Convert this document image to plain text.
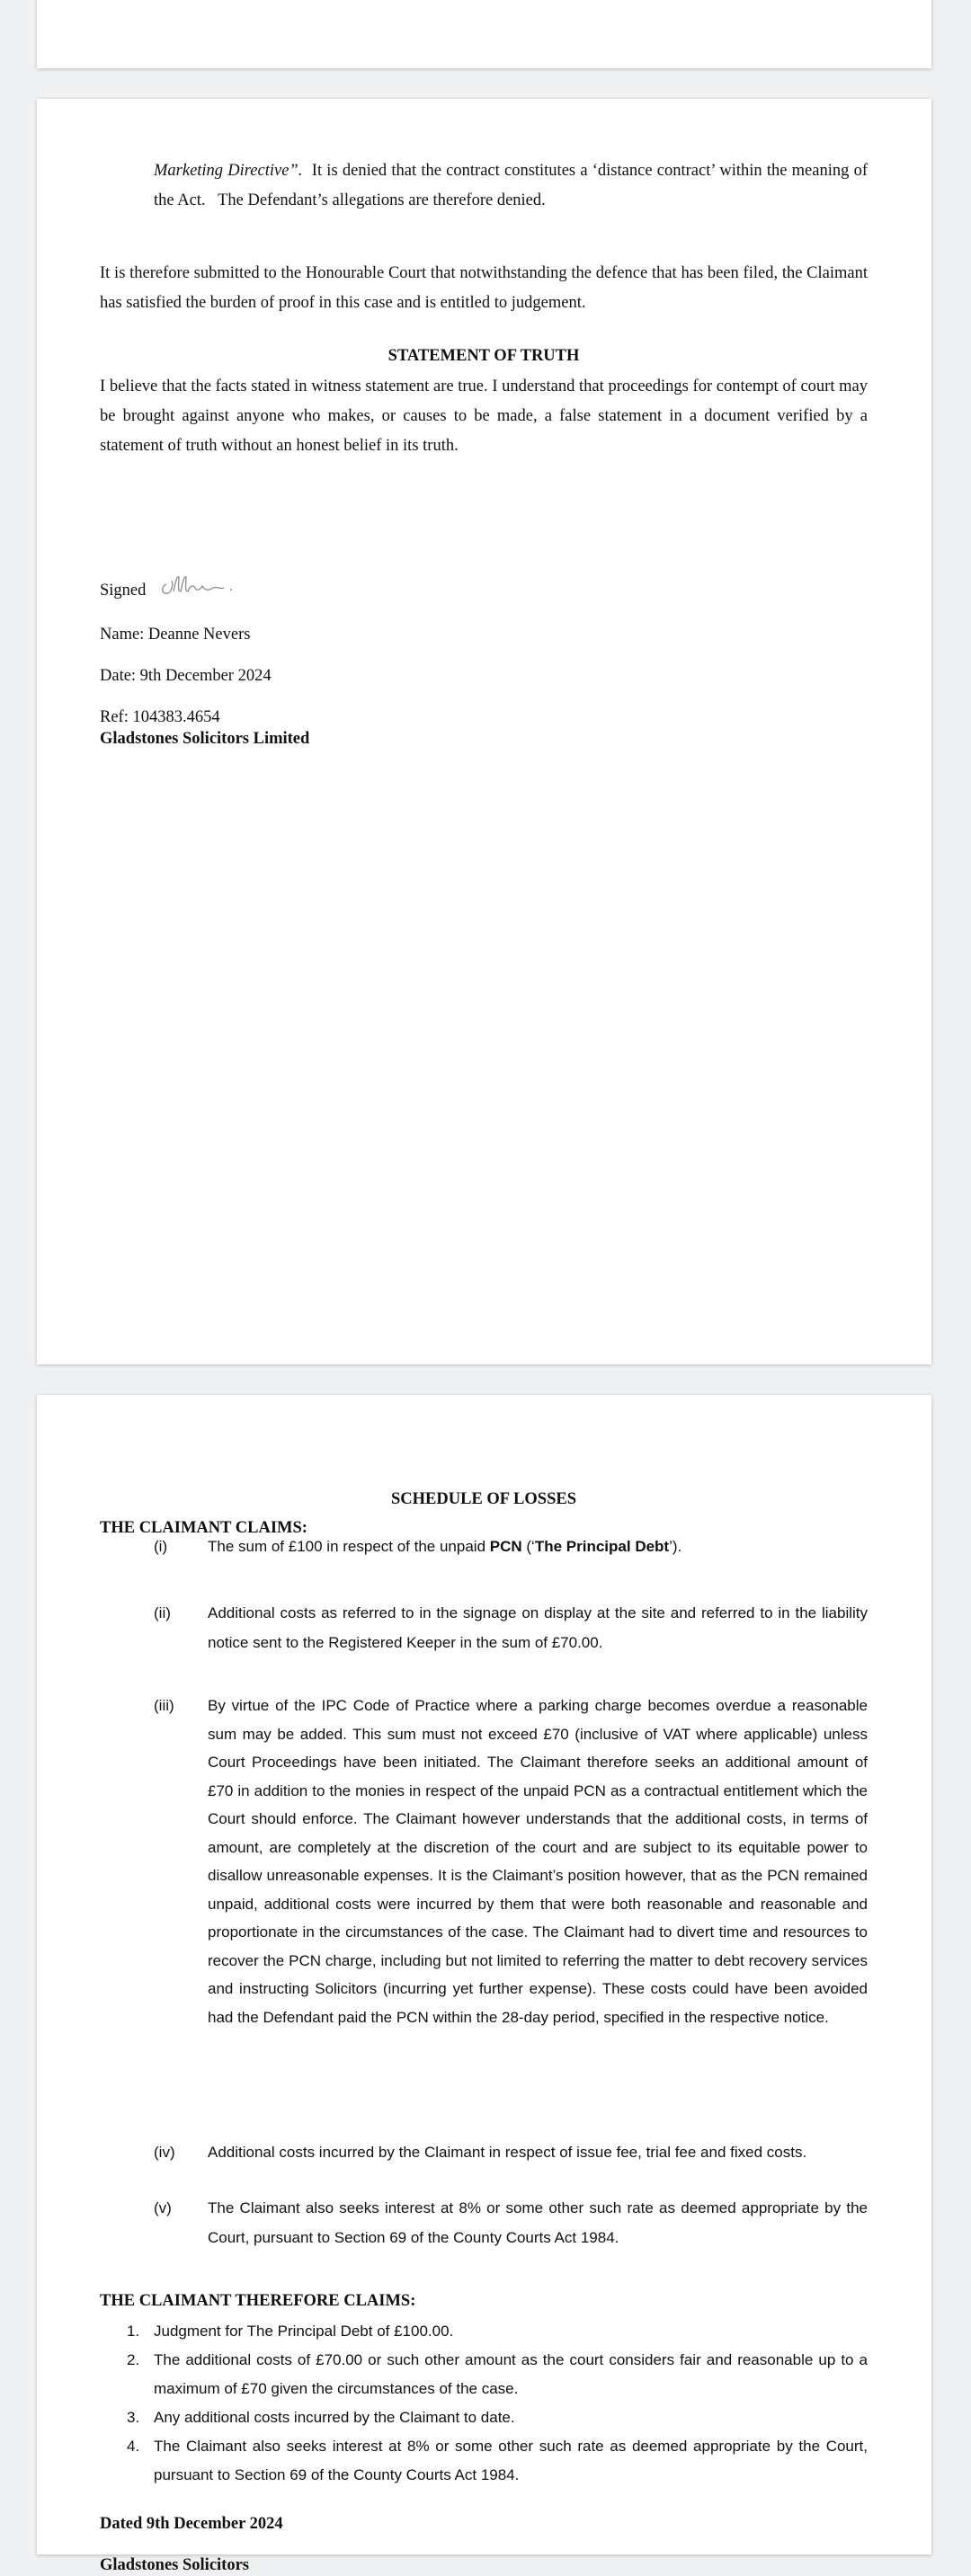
Marketing Directive”.  It is denied that the contract constitutes a ‘distance contract’ within the meaning of the Act.   The Defendant’s allegations are therefore denied.

It is therefore submitted to the Honourable Court that notwithstanding the defence that has been filed, the Claimant has satisfied the burden of proof in this case and is entitled to judgement.

STATEMENT OF TRUTH

I believe that the facts stated in witness statement are true. I understand that proceedings for contempt of court may be brought against anyone who makes, or causes to be made, a false statement in a document verified by a statement of truth without an honest belief in its truth.

Signed

Name: Deanne Nevers

Date: 9th December 2024

Ref: 104383.4654

Gladstones Solicitors Limited

SCHEDULE OF LOSSES

THE CLAIMANT CLAIMS:

(i)	The sum of £100 in respect of the unpaid PCN (‘The Principal Debt’).
(ii) Additional costs as referred to in the signage on display at the site and referred to in the liability notice sent to the Registered Keeper in the sum of £70.00.
(iii) By virtue of the IPC Code of Practice where a parking charge becomes overdue a reasonable sum may be added. This sum must not exceed £70 (inclusive of VAT where applicable) unless Court Proceedings have been initiated. The Claimant therefore seeks an additional amount of £70 in addition to the monies in respect of the unpaid PCN as a contractual entitlement which the Court should enforce. The Claimant however understands that the additional costs, in terms of amount, are completely at the discretion of the court and are subject to its equitable power to disallow unreasonable expenses. It is the Claimant’s position however, that as the PCN remained unpaid, additional costs were incurred by them that were both reasonable and reasonable and proportionate in the circumstances of the case. The Claimant had to divert time and resources to recover the PCN charge, including but not limited to referring the matter to debt recovery services and instructing Solicitors (incurring yet further expense). These costs could have been avoided had the Defendant paid the PCN within the 28-day period, specified in the respective notice.
(iv) Additional costs incurred by the Claimant in respect of issue fee, trial fee and fixed costs.
(v) The Claimant also seeks interest at 8% or some other such rate as deemed appropriate by the Court, pursuant to Section 69 of the County Courts Act 1984.

THE CLAIMANT THEREFORE CLAIMS:

1. Judgment for The Principal Debt of £100.00.
2. The additional costs of £70.00 or such other amount as the court considers fair and reasonable up to a maximum of £70 given the circumstances of the case.
3. Any additional costs incurred by the Claimant to date.
4. The Claimant also seeks interest at 8% or some other such rate as deemed appropriate by the Court, pursuant to Section 69 of the County Courts Act 1984.

Dated 9th December 2024

Gladstones Solicitors
